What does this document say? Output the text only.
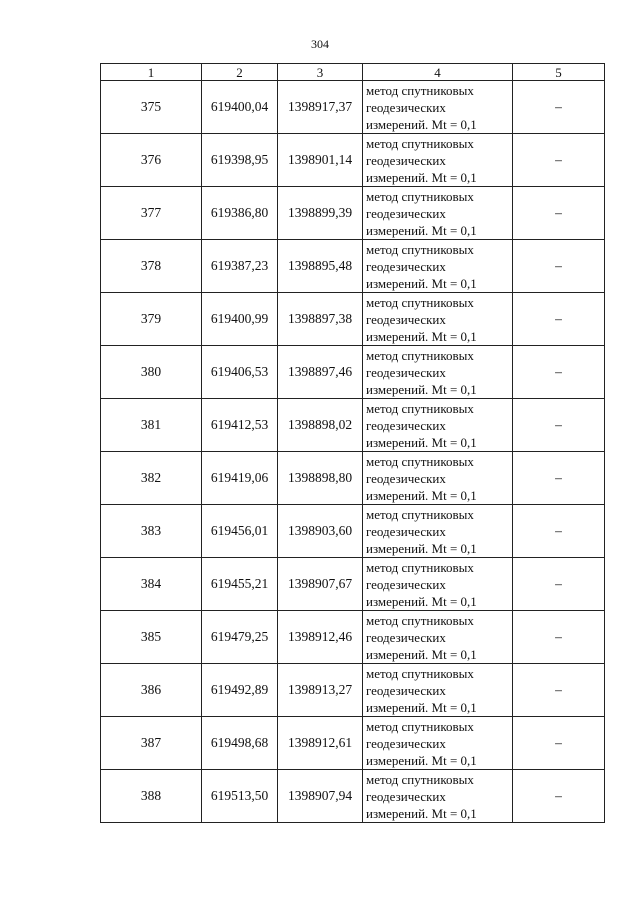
304
1	2	3	4	5
375	619400,04	1398917,37	метод спутниковых
геодезических
измерений. Mt = 0,1	–
376	619398,95	1398901,14	метод спутниковых
геодезических
измерений. Mt = 0,1	–
377	619386,80	1398899,39	метод спутниковых
геодезических
измерений. Mt = 0,1	–
378	619387,23	1398895,48	метод спутниковых
геодезических
измерений. Mt = 0,1	–
379	619400,99	1398897,38	метод спутниковых
геодезических
измерений. Mt = 0,1	–
380	619406,53	1398897,46	метод спутниковых
геодезических
измерений. Mt = 0,1	–
381	619412,53	1398898,02	метод спутниковых
геодезических
измерений. Mt = 0,1	–
382	619419,06	1398898,80	метод спутниковых
геодезических
измерений. Mt = 0,1	–
383	619456,01	1398903,60	метод спутниковых
геодезических
измерений. Mt = 0,1	–
384	619455,21	1398907,67	метод спутниковых
геодезических
измерений. Mt = 0,1	–
385	619479,25	1398912,46	метод спутниковых
геодезических
измерений. Mt = 0,1	–
386	619492,89	1398913,27	метод спутниковых
геодезических
измерений. Mt = 0,1	–
387	619498,68	1398912,61	метод спутниковых
геодезических
измерений. Mt = 0,1	–
388	619513,50	1398907,94	метод спутниковых
геодезических
измерений. Mt = 0,1	–
